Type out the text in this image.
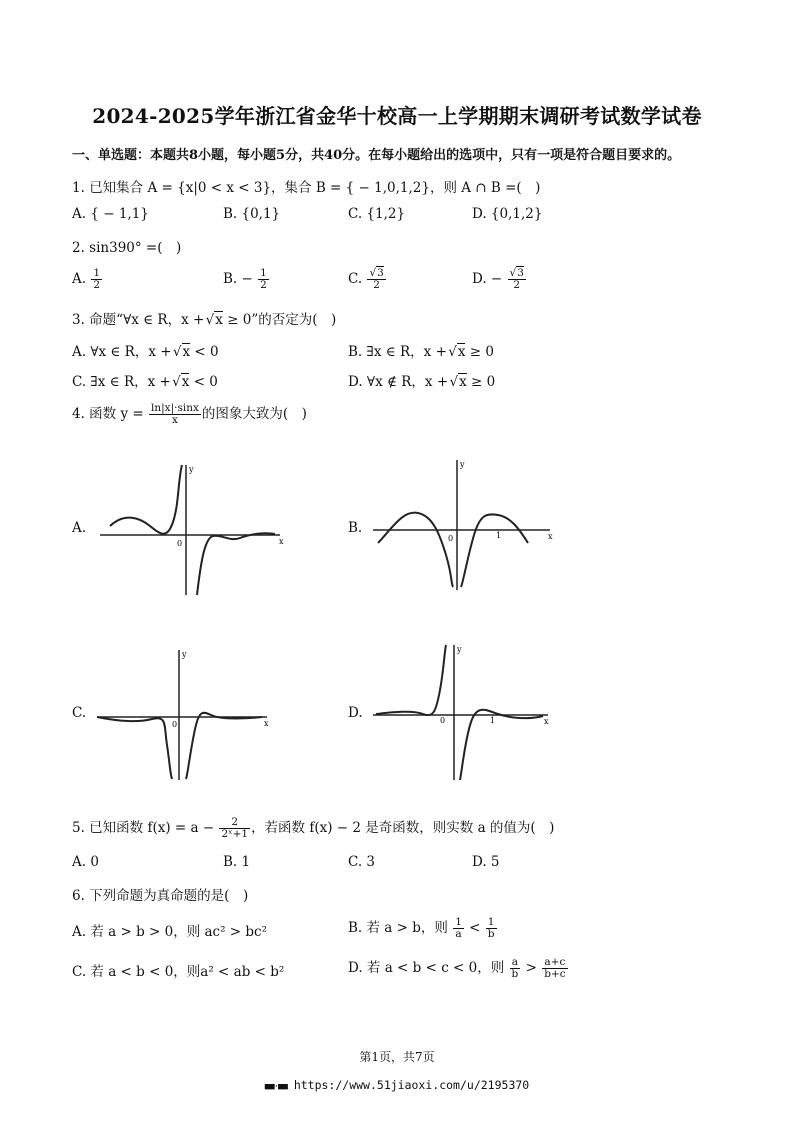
2024-2025学年浙江省金华十校高一上学期期末调研考试数学试卷
一、单选题：本题共8小题，每小题5分，共40分。在每小题给出的选项中，只有一项是符合题目要求的。
1. 已知集合 A = {x|0 < x < 3}，集合 B = { − 1,0,1,2}，则 A ∩ B =(　)
A. { − 1,1}	B. {0,1}	C. {1,2}	D. {0,1,2}
2. sin390° =(　)
A. $\frac{1}{2}$	B. − $\frac{1}{2}$	C. $\frac{√3}{2}$	D. − $\frac{√3}{2}$
3. 命题“∀x ∈ R，x + √x ≥ 0”的否定为(　)
A. ∀x ∈ R，x + √x < 0	B. ∃x ∈ R，x + √x ≥ 0
C. ∃x ∈ R，x + √x < 0	D. ∀x ∉ R，x + √x ≥ 0
4. 函数 $y = \frac{\ln|x|\cdot\sin x}{x}$ 的图象大致为(　)
A.
y
x
0
B.
y
x
0	1
C.
y
x
0
D.
y
x
0	1
5. 已知函数 $f(x) = a - \frac{2}{\text{2ˣ+1}}$ ，若函数 f(x) − 2 是奇函数，则实数 a 的值为(　)
A. 0	B. 1	C. 3	D. 5
6. 下列命题为真命题的是(　)
A. 若 a > b > 0，则 ac² > bc²	B. 若 a > b，则 $\frac{1}{a} < \frac{1}{b}$
C. 若 a < b < 0，则a² < ab < b²	D. 若 a < b < c < 0，则 $\frac{a}{b} > \frac{a+c}{b+c}$
第1页，共7页
■■·■■ https://www.51jiaoxi.com/u/2195370
